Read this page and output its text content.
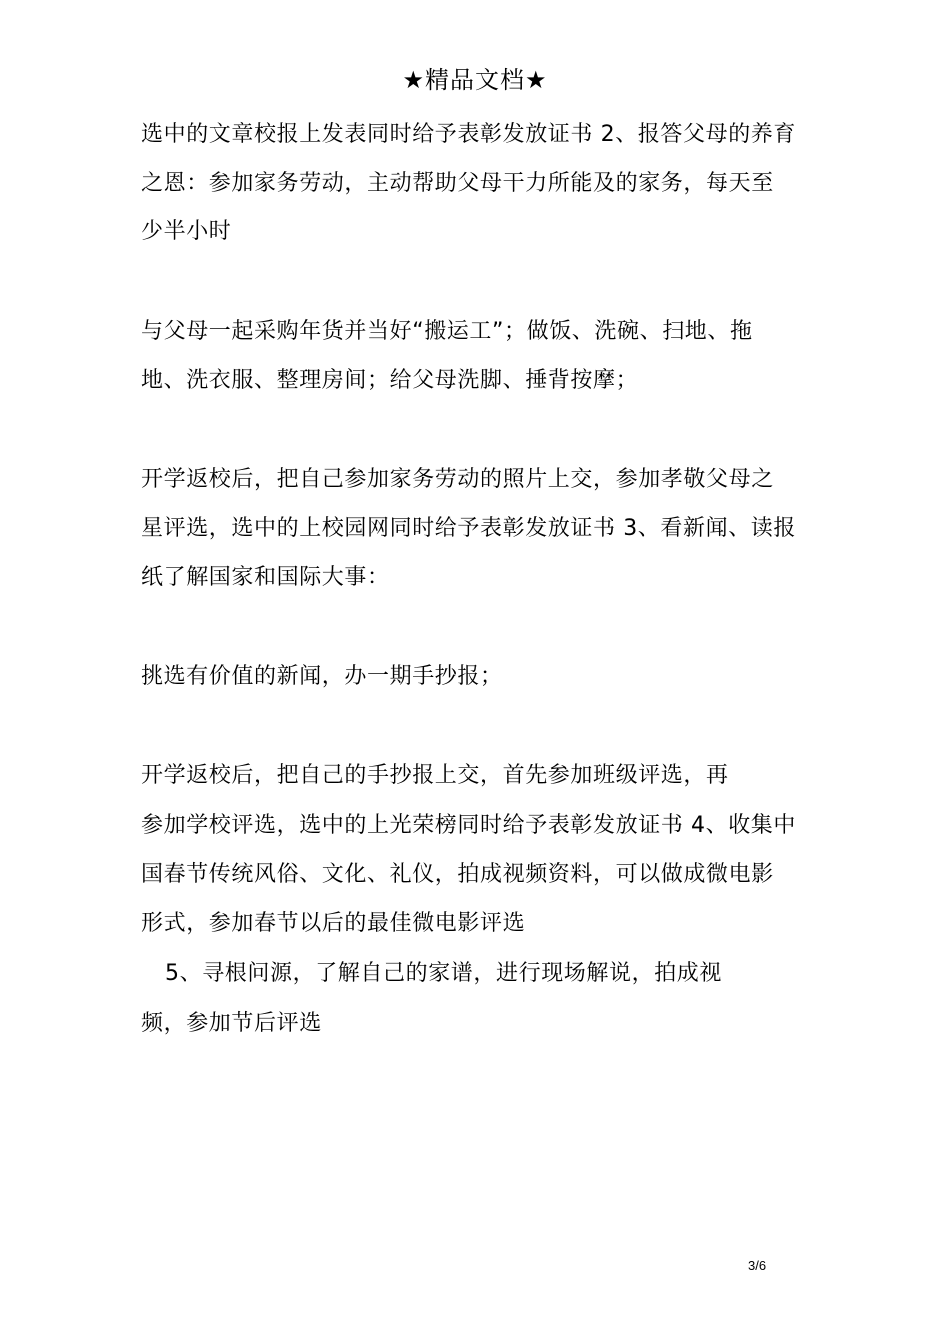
★精品文档★
选中的文章校报上发表同时给予表彰发放证书 2、报答父母的养育
之恩：参加家务劳动，主动帮助父母干力所能及的家务，每天至
少半小时
与父母一起采购年货并当好“搬运工”；做饭、洗碗、扫地、拖
地、洗衣服、整理房间；给父母洗脚、捶背按摩；
开学返校后，把自己参加家务劳动的照片上交，参加孝敬父母之
星评选，选中的上校园网同时给予表彰发放证书 3、看新闻、读报
纸了解国家和国际大事：
挑选有价值的新闻，办一期手抄报；
开学返校后，把自己的手抄报上交，首先参加班级评选，再
参加学校评选，选中的上光荣榜同时给予表彰发放证书 4、收集中
国春节传统风俗、文化、礼仪，拍成视频资料，可以做成微电影
形式，参加春节以后的最佳微电影评选
5、寻根问源，了解自己的家谱，进行现场解说，拍成视
频，参加节后评选
3/6
